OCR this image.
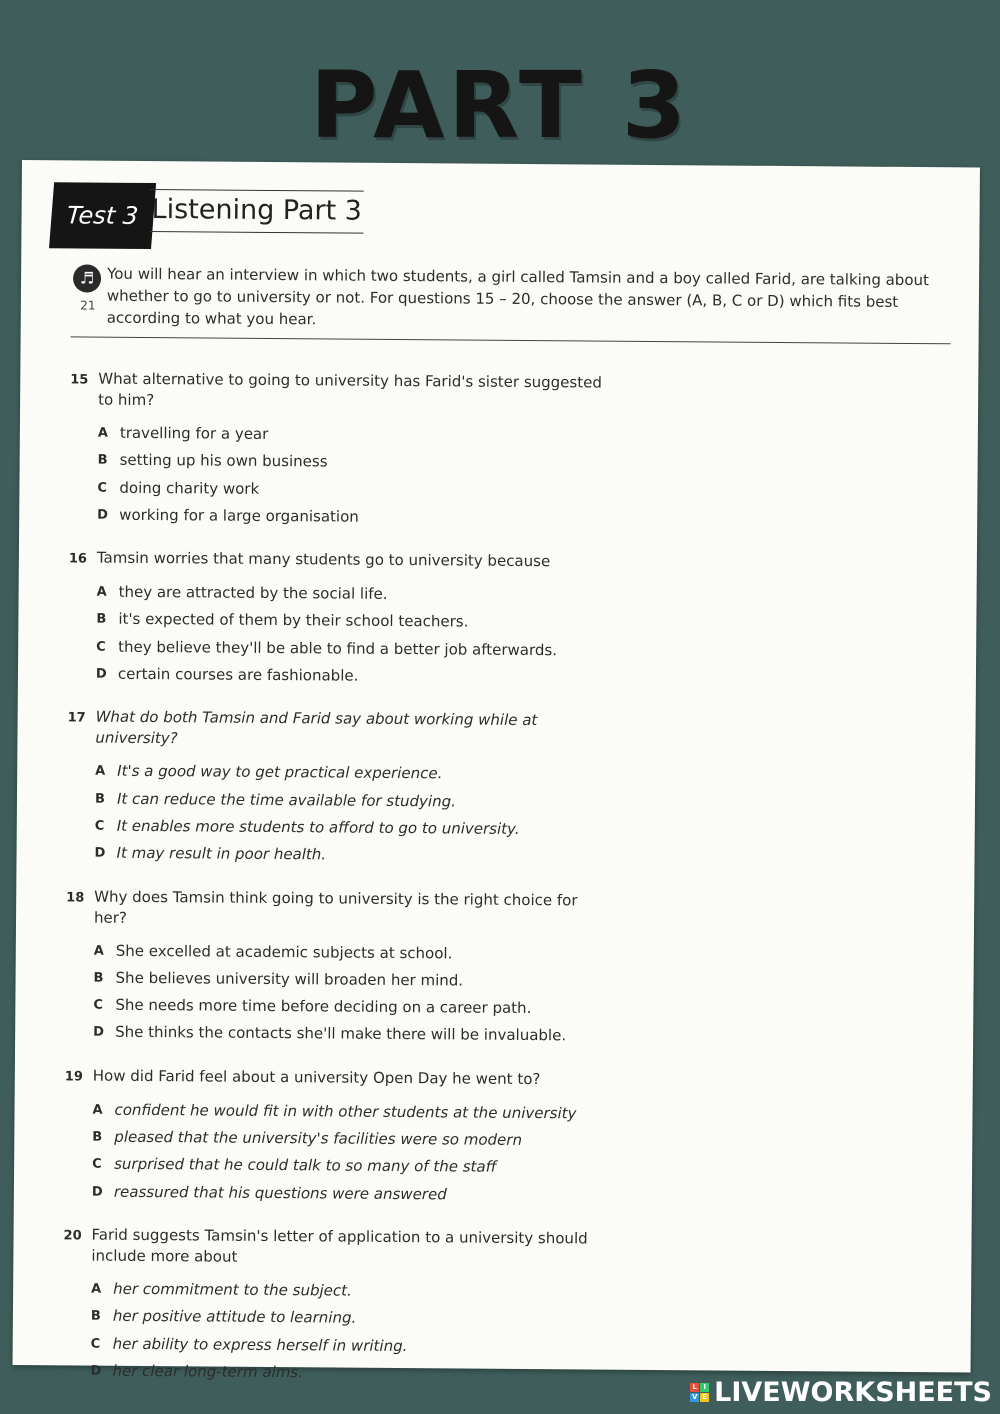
PART 3
Test 3 Listening Part 3
♬
21
You will hear an interview in which two students, a girl called Tamsin and a boy called Farid, are talking about whether to go to university or not. For questions 15 – 20, choose the answer (A, B, C or D) which fits best according to what you hear.
15 What alternative to going to university has Farid's sister suggested to him?
A travelling for a year
B setting up his own business
C doing charity work
D working for a large organisation
16 Tamsin worries that many students go to university because
A they are attracted by the social life.
B it's expected of them by their school teachers.
C they believe they'll be able to find a better job afterwards.
D certain courses are fashionable.
17 What do both Tamsin and Farid say about working while at university?
A It's a good way to get practical experience.
B It can reduce the time available for studying.
C It enables more students to afford to go to university.
D It may result in poor health.
18 Why does Tamsin think going to university is the right choice for her?
A She excelled at academic subjects at school.
B She believes university will broaden her mind.
C She needs more time before deciding on a career path.
D She thinks the contacts she'll make there will be invaluable.
19 How did Farid feel about a university Open Day he went to?
A confident he would fit in with other students at the university
B pleased that the university's facilities were so modern
C surprised that he could talk to so many of the staff
D reassured that his questions were answered
20 Farid suggests Tamsin's letter of application to a university should include more about
A her commitment to the subject.
B her positive attitude to learning.
C her ability to express herself in writing.
D her clear long-term aims.
L I
V E LIVEWORKSHEETS
